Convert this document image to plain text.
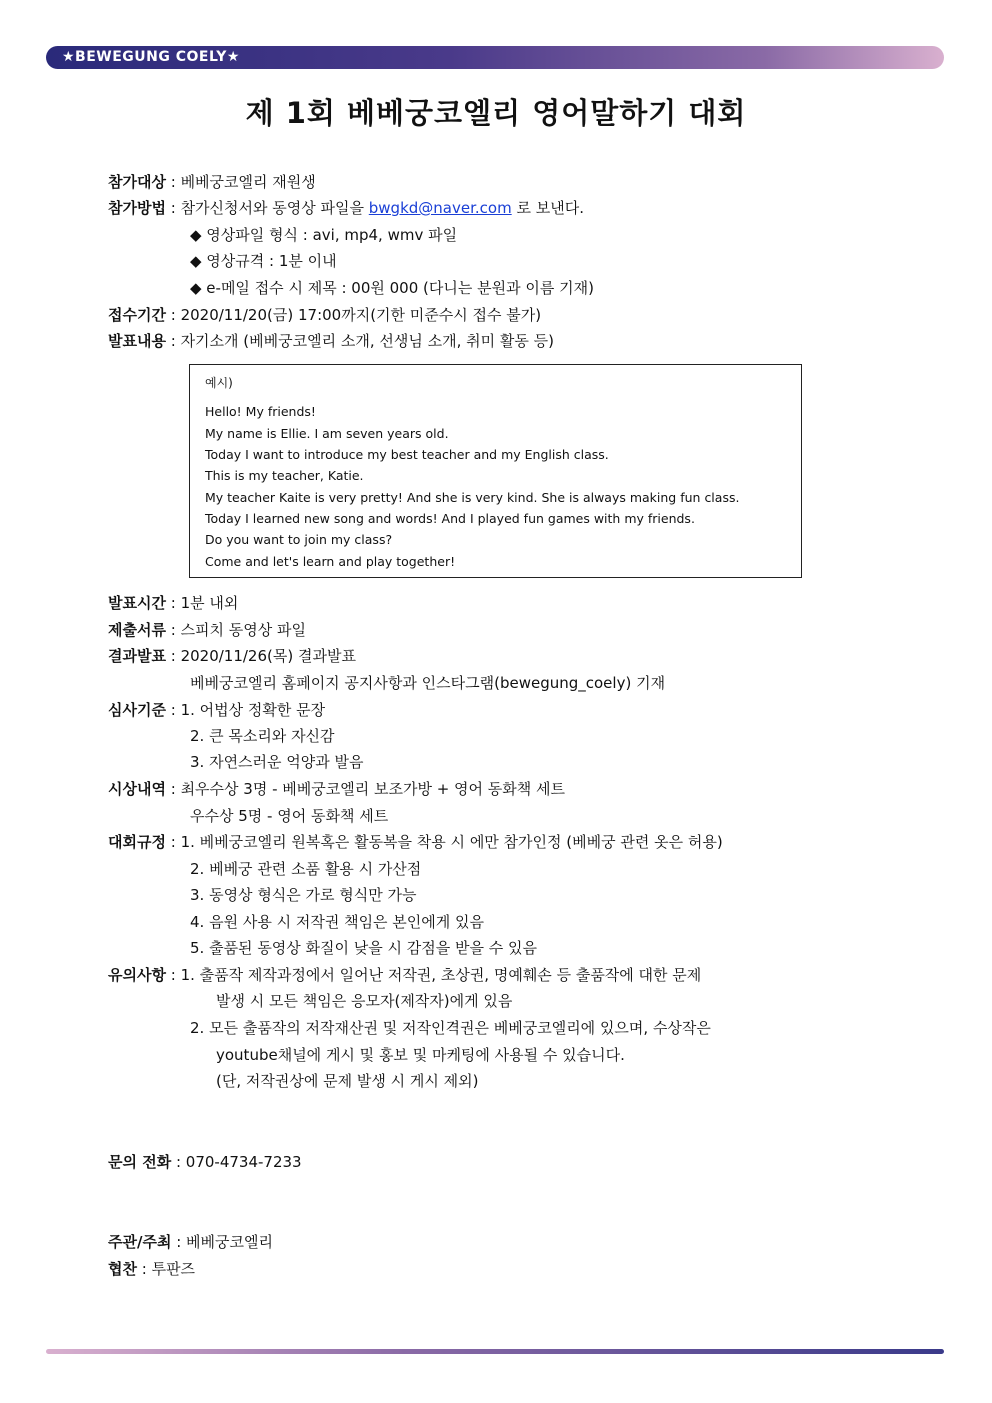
★BEWEGUNG COELY★
제 1회 베베궁코엘리 영어말하기 대회
참가대상 : 베베궁코엘리 재원생
참가방법 : 참가신청서와 동영상 파일을 bwgkd@naver.com 로 보낸다.
◆ 영상파일 형식 : avi, mp4, wmv 파일
◆ 영상규격 : 1분 이내
◆ e-메일 접수 시 제목 : 00원 000 (다니는 분원과 이름 기재)
접수기간 : 2020/11/20(금) 17:00까지(기한 미준수시 접수 불가)
발표내용 : 자기소개 (베베궁코엘리 소개, 선생님 소개, 취미 활동 등)
예시)
Hello! My friends!
My name is Ellie. I am seven years old.
Today I want to introduce my best teacher and my English class.
This is my teacher, Katie.
My teacher Kaite is very pretty! And she is very kind. She is always making fun class.
Today I learned new song and words! And I played fun games with my friends.
Do you want to join my class?
Come and let's learn and play together!
발표시간 : 1분 내외
제출서류 : 스피치 동영상 파일
결과발표 : 2020/11/26(목) 결과발표
베베궁코엘리 홈페이지 공지사항과 인스타그램(bewegung_coely) 기재
심사기준 : 1. 어법상 정확한 문장
2. 큰 목소리와 자신감
3. 자연스러운 억양과 발음
시상내역 : 최우수상 3명 - 베베궁코엘리 보조가방 + 영어 동화책 세트
우수상 5명 - 영어 동화책 세트
대회규정 : 1. 베베궁코엘리 원복혹은 활동복을 착용 시 에만 참가인정 (베베궁 관련 옷은 허용)
2. 베베궁 관련 소품 활용 시 가산점
3. 동영상 형식은 가로 형식만 가능
4. 음원 사용 시 저작권 책임은 본인에게 있음
5. 출품된 동영상 화질이 낮을 시 감점을 받을 수 있음
유의사항 : 1. 출품작 제작과정에서 일어난 저작권, 초상권, 명예훼손 등 출품작에 대한 문제
발생 시 모든 책임은 응모자(제작자)에게 있음
2. 모든 출품작의 저작재산권 및 저작인격권은 베베궁코엘리에 있으며, 수상작은
youtube채널에 게시 및 홍보 및 마케팅에 사용될 수 있습니다.
(단, 저작권상에 문제 발생 시 게시 제외)
문의 전화 : 070-4734-7233
주관/주최 : 베베궁코엘리
협찬 : 투판즈
